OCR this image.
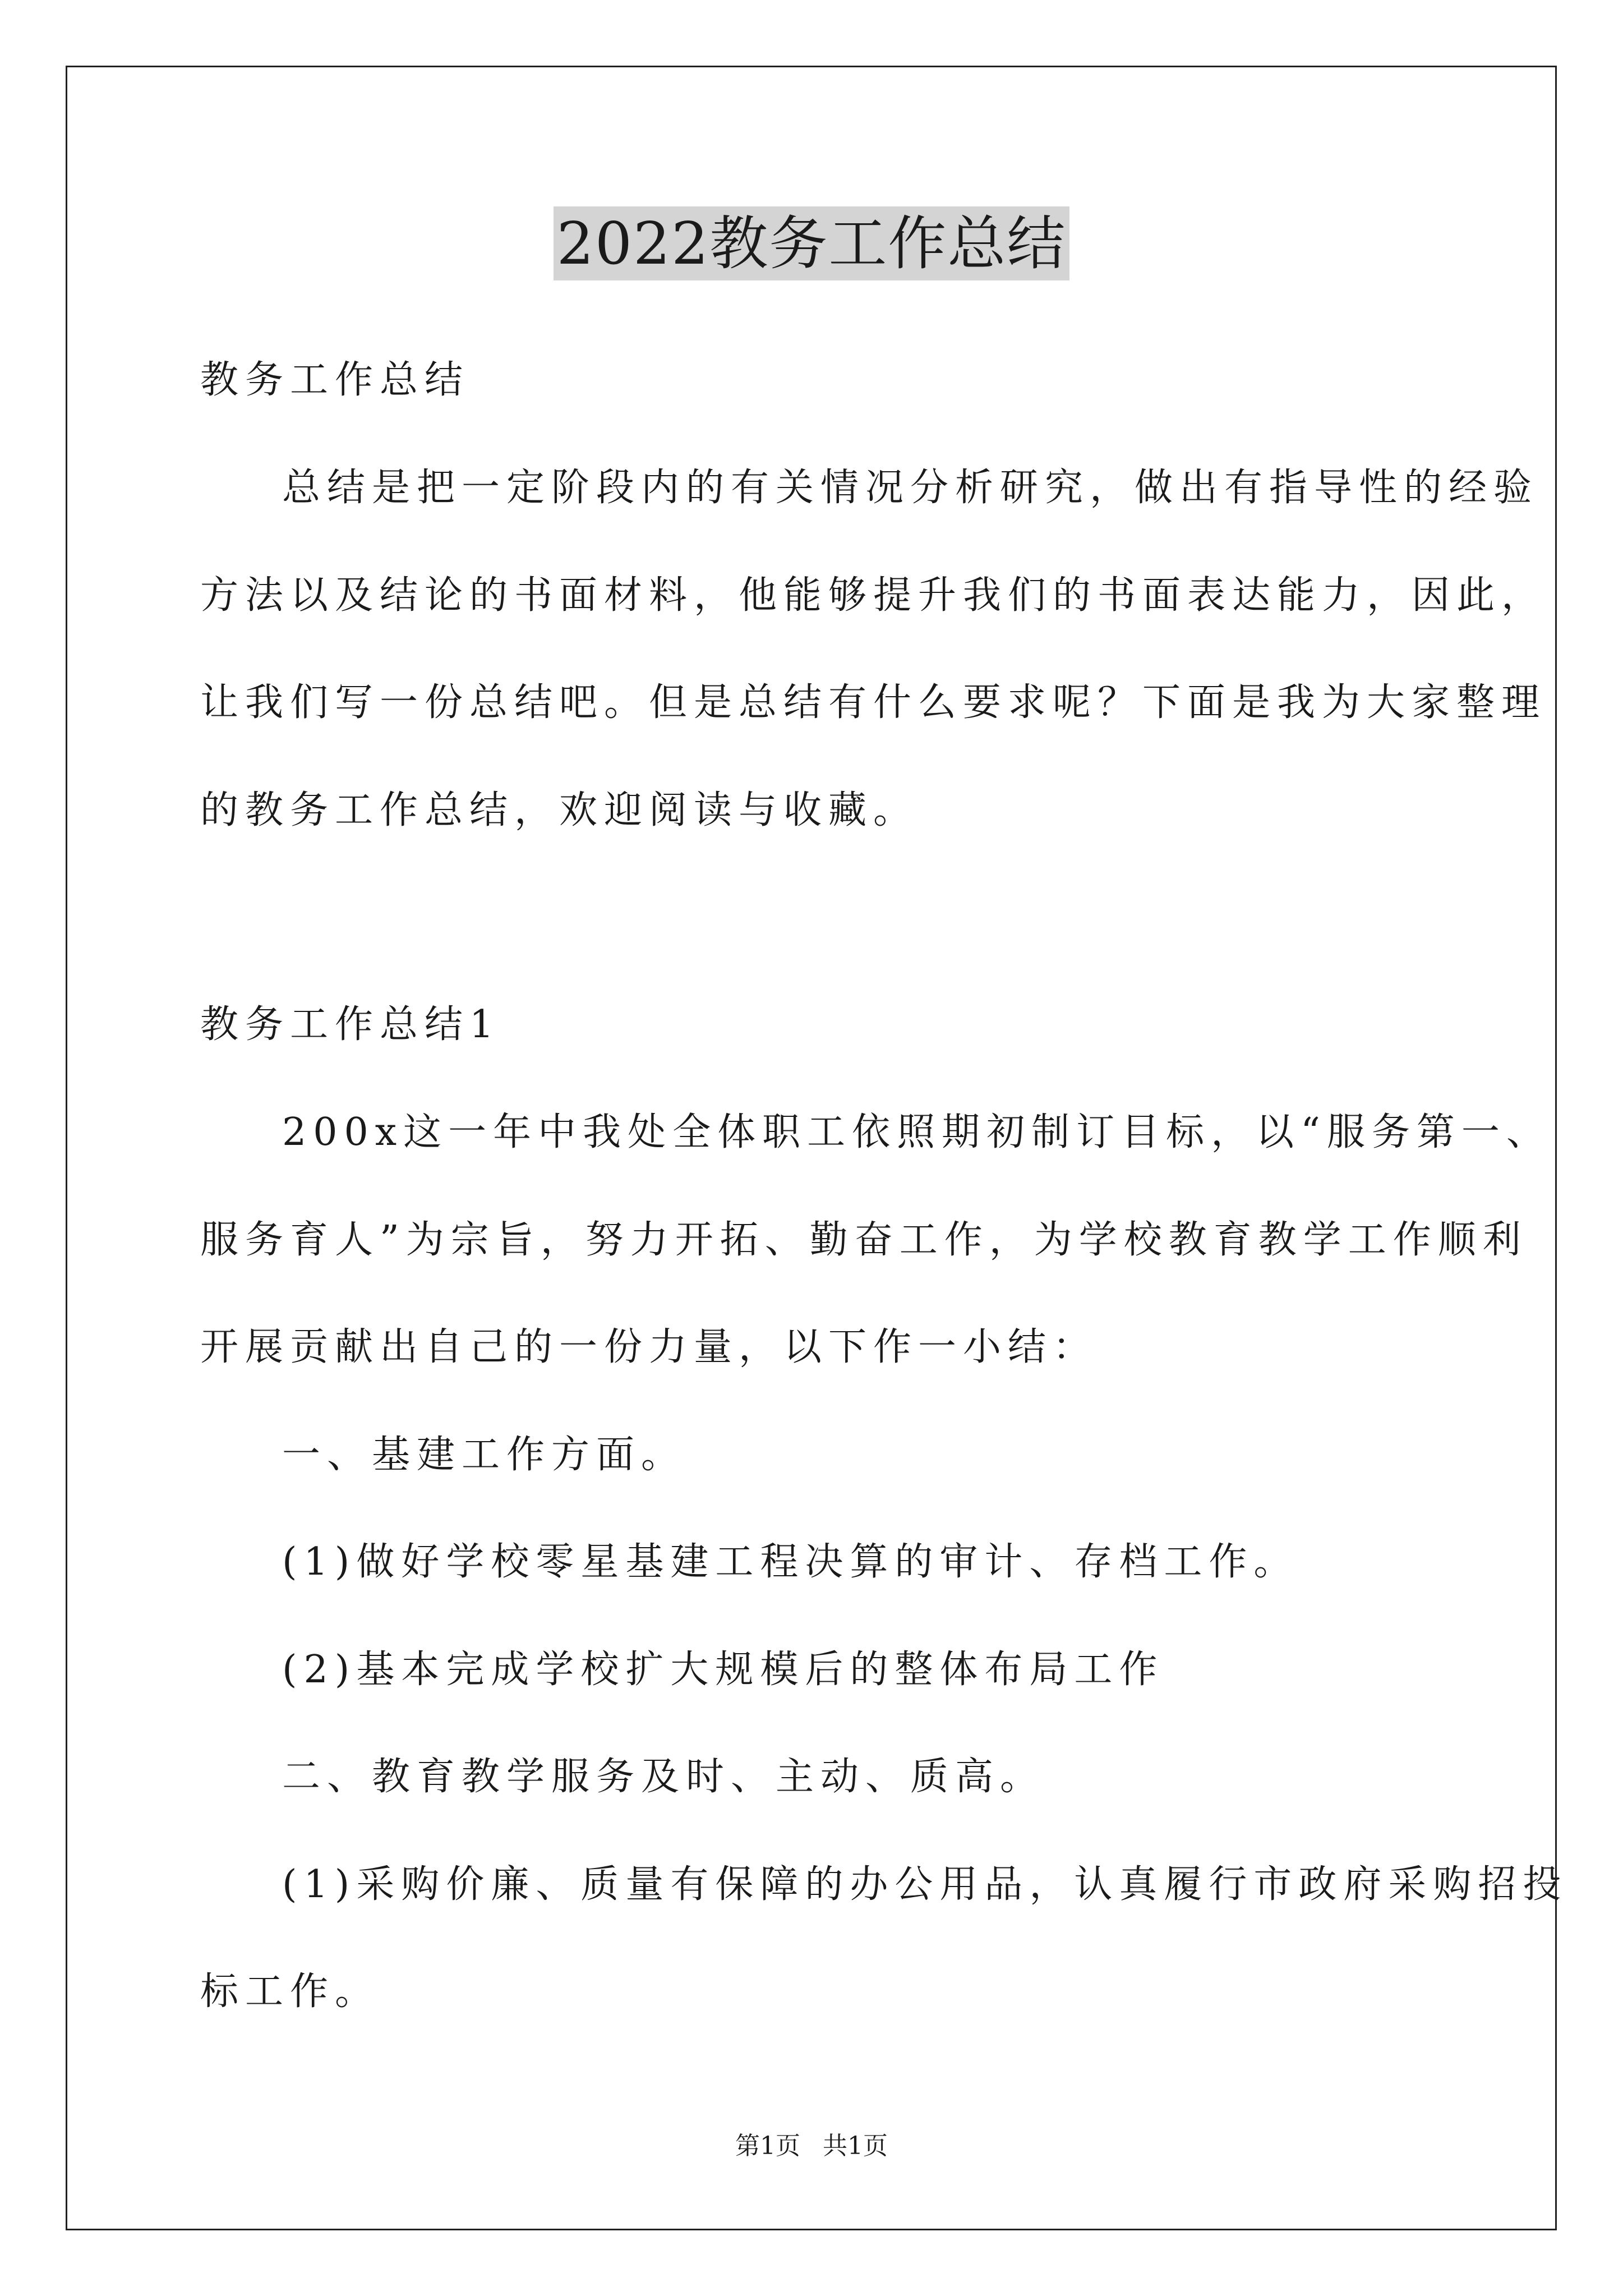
2022教务工作总结
教务工作总结
总结是把一定阶段内的有关情况分析研究，做出有指导性的经验
方法以及结论的书面材料，他能够提升我们的书面表达能力，因此，
让我们写一份总结吧。但是总结有什么要求呢？下面是我为大家整理
的教务工作总结，欢迎阅读与收藏。
教务工作总结1
200x这一年中我处全体职工依照期初制订目标，以“服务第一、
服务育人”为宗旨，努力开拓、勤奋工作，为学校教育教学工作顺利
开展贡献出自己的一份力量，以下作一小结：
一、基建工作方面。
(1)做好学校零星基建工程决算的审计、存档工作。
(2)基本完成学校扩大规模后的整体布局工作
二、教育教学服务及时、主动、质高。
(1)采购价廉、质量有保障的办公用品，认真履行市政府采购招投
标工作。
第1页 共1页
